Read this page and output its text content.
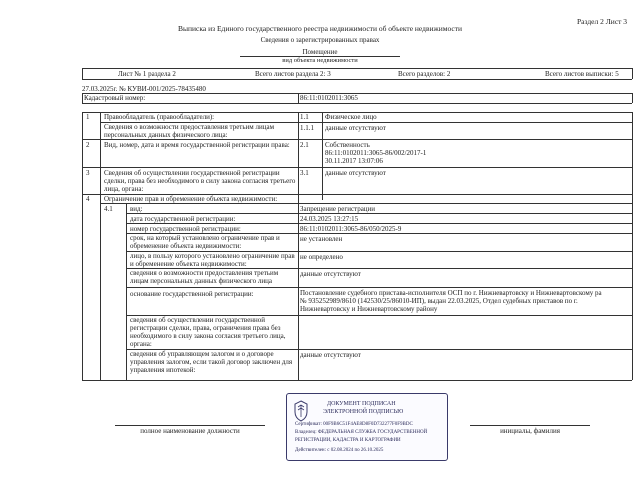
Раздел 2 Лист 3
Выписка из Единого государственного реестра недвижимости об объекте недвижимости
Сведения о зарегистрированных правах
Помещение
вид объекта недвижимости
Лист № 1 раздела 2	Всего листов раздела 2: 3	Всего разделов: 2	Всего листов выписки: 5
27.03.2025г. № КУВИ-001/2025-78435480
Кадастровый номер:	86:11:0102011:3065
1 Правообладатель (правообладатели):	1.1 Физическое лицо
Сведения о возможности предоставления третьим лицам персональных данных физического лица:
1.1.1 данные отсутствуют
2 Вид, номер, дата и время государственной регистрации права:	2.1 Собственность
86:11:0102011:3065-86/002/2017-1
30.11.2017 13:07:06
3 Сведения об осуществлении государственной регистрации сделки, права без необходимого в силу закона согласия третьего лица, органа:
3.1 данные отсутствуют
4 Ограничение прав и обременение объекта недвижимости:
4.1 вид:	Запрещение регистрации
дата государственной регистрации:	24.03.2025 13:27:15
номер государственной регистрации:	86:11:0102011:3065-86/050/2025-9
срок, на который установлено ограничение прав и обременение объекта недвижимости:
не установлен
лицо, в пользу которого установлено ограничение прав и обременение объекта недвижимости:
не определено
сведения о возможности предоставления третьим лицам персональных данных физического лица
данные отсутствуют
основание государственной регистрации:	Постановление судебного пристава-исполнителя ОСП по г. Нижневартовску и Нижневартовскому ра
№ 935252989/8610 (142530/25/86010-ИП), выдан 22.03.2025, Отдел судебных приставов по г.
Нижневартовску и Нижневартовскому району
сведения об осуществлении государственной регистрации сделки, права, ограничения права без необходимого в силу закона согласия третьего лица, органа:
сведения об управляющем залогом и о договоре управления залогом, если такой договор заключен для управления ипотекой:
данные отсутствуют
полное наименование должности	инициалы, фамилия
ДОКУМЕНТ ПОДПИСАН
ЭЛЕКТРОННОЙ ПОДПИСЬЮ
Сертификат: 00F9B6C51F4AE8D8F0D732277F0F9BDC
Владелец: ФЕДЕРАЛЬНАЯ СЛУЖБА ГОСУДАРСТВЕННОЙ
РЕГИСТРАЦИИ, КАДАСТРА И КАРТОГРАФИИ
Действителен: с 02.08.2024 по 26.10.2025
